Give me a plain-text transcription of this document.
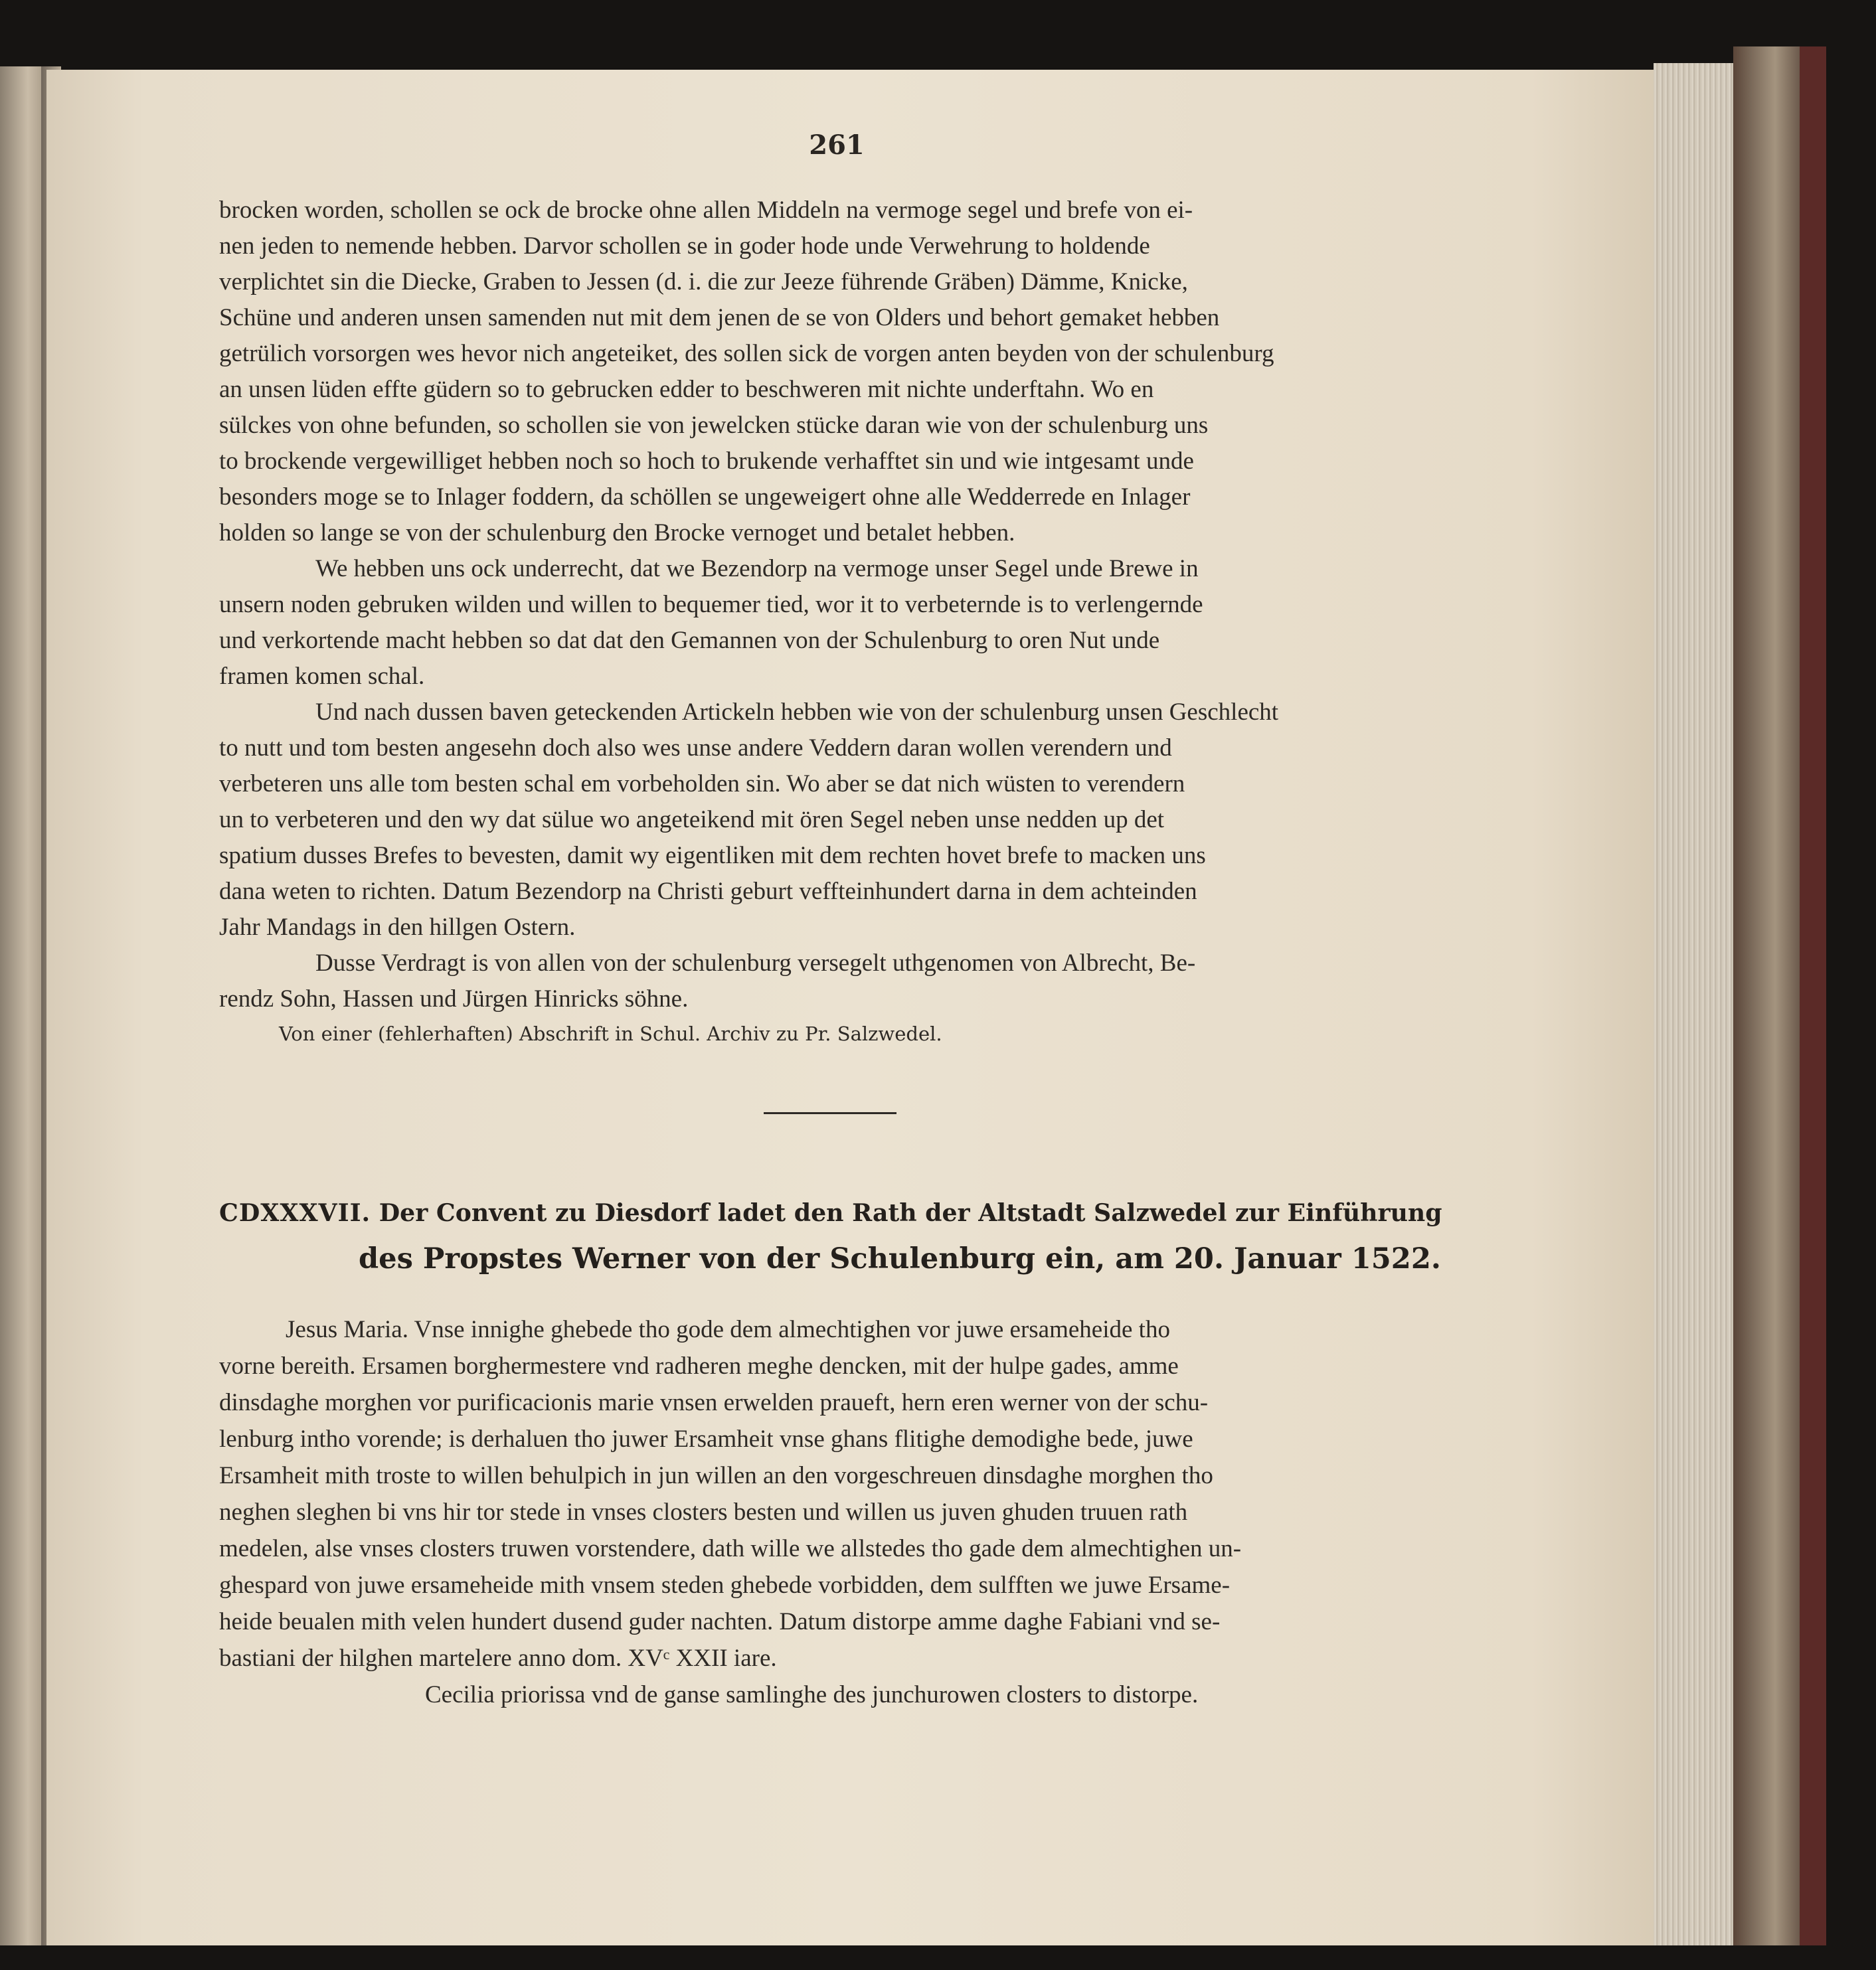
261
brocken worden, schollen se ock de brocke ohne allen Middeln na vermoge segel und brefe von ei-
nen jeden to nemende hebben. Darvor schollen se in goder hode unde Verwehrung to holdende
verplichtet sin die Diecke, Graben to Jessen (d. i. die zur Jeeze führende Gräben) Dämme, Knicke,
Schüne und anderen unsen samenden nut mit dem jenen de se von Olders und behort gemaket hebben
getrülich vorsorgen wes hevor nich angeteiket, des sollen sick de vorgen anten beyden von der schulenburg
an unsen lüden effte güdern so to gebrucken edder to beschweren mit nichte underftahn. Wo en
sülckes von ohne befunden, so schollen sie von jewelcken stücke daran wie von der schulenburg uns
to brockende vergewilliget hebben noch so hoch to brukende verhafftet sin und wie intgesamt unde
besonders moge se to Inlager foddern, da schöllen se ungeweigert ohne alle Wedderrede en Inlager
holden so lange se von der schulenburg den Brocke vernoget und betalet hebben.
We hebben uns ock underrecht, dat we Bezendorp na vermoge unser Segel unde Brewe in
unsern noden gebruken wilden und willen to bequemer tied, wor it to verbeternde is to verlengernde
und verkortende macht hebben so dat dat den Gemannen von der Schulenburg to oren Nut unde
framen komen schal.
Und nach dussen baven geteckenden Artickeln hebben wie von der schulenburg unsen Geschlecht
to nutt und tom besten angesehn doch also wes unse andere Veddern daran wollen verendern und
verbeteren uns alle tom besten schal em vorbeholden sin. Wo aber se dat nich wüsten to verendern
un to verbeteren und den wy dat sülue wo angeteikend mit ören Segel neben unse nedden up det
spatium dusses Brefes to bevesten, damit wy eigentliken mit dem rechten hovet brefe to macken uns
dana weten to richten. Datum Bezendorp na Christi geburt veffteinhundert darna in dem achteinden
Jahr Mandags in den hillgen Ostern.
Dusse Verdragt is von allen von der schulenburg versegelt uthgenomen von Albrecht, Be-
rendz Sohn, Hassen und Jürgen Hinricks söhne.
Von einer (fehlerhaften) Abschrift in Schul. Archiv zu Pr. Salzwedel.
CDXXXVII. Der Convent zu Diesdorf ladet den Rath der Altstadt Salzwedel zur Einführung
des Propstes Werner von der Schulenburg ein, am 20. Januar 1522.
Jesus Maria. Vnse innighe ghebede tho gode dem almechtighen vor juwe ersameheide tho
vorne bereith. Ersamen borghermestere vnd radheren meghe dencken, mit der hulpe gades, amme
dinsdaghe morghen vor purificacionis marie vnsen erwelden praueft, hern eren werner von der schu-
lenburg intho vorende; is derhaluen tho juwer Ersamheit vnse ghans flitighe demodighe bede, juwe
Ersamheit mith troste to willen behulpich in jun willen an den vorgeschreuen dinsdaghe morghen tho
neghen sleghen bi vns hir tor stede in vnses closters besten und willen us juven ghuden truuen rath
medelen, alse vnses closters truwen vorstendere, dath wille we allstedes tho gade dem almechtighen un-
ghespard von juwe ersameheide mith vnsem steden ghebede vorbidden, dem sulfften we juwe Ersame-
heide beualen mith velen hundert dusend guder nachten. Datum distorpe amme daghe Fabiani vnd se-
bastiani der hilghen martelere anno dom. XVᶜ XXII iare.
Cecilia priorissa vnd de ganse samlinghe des junchurowen closters to distorpe.
